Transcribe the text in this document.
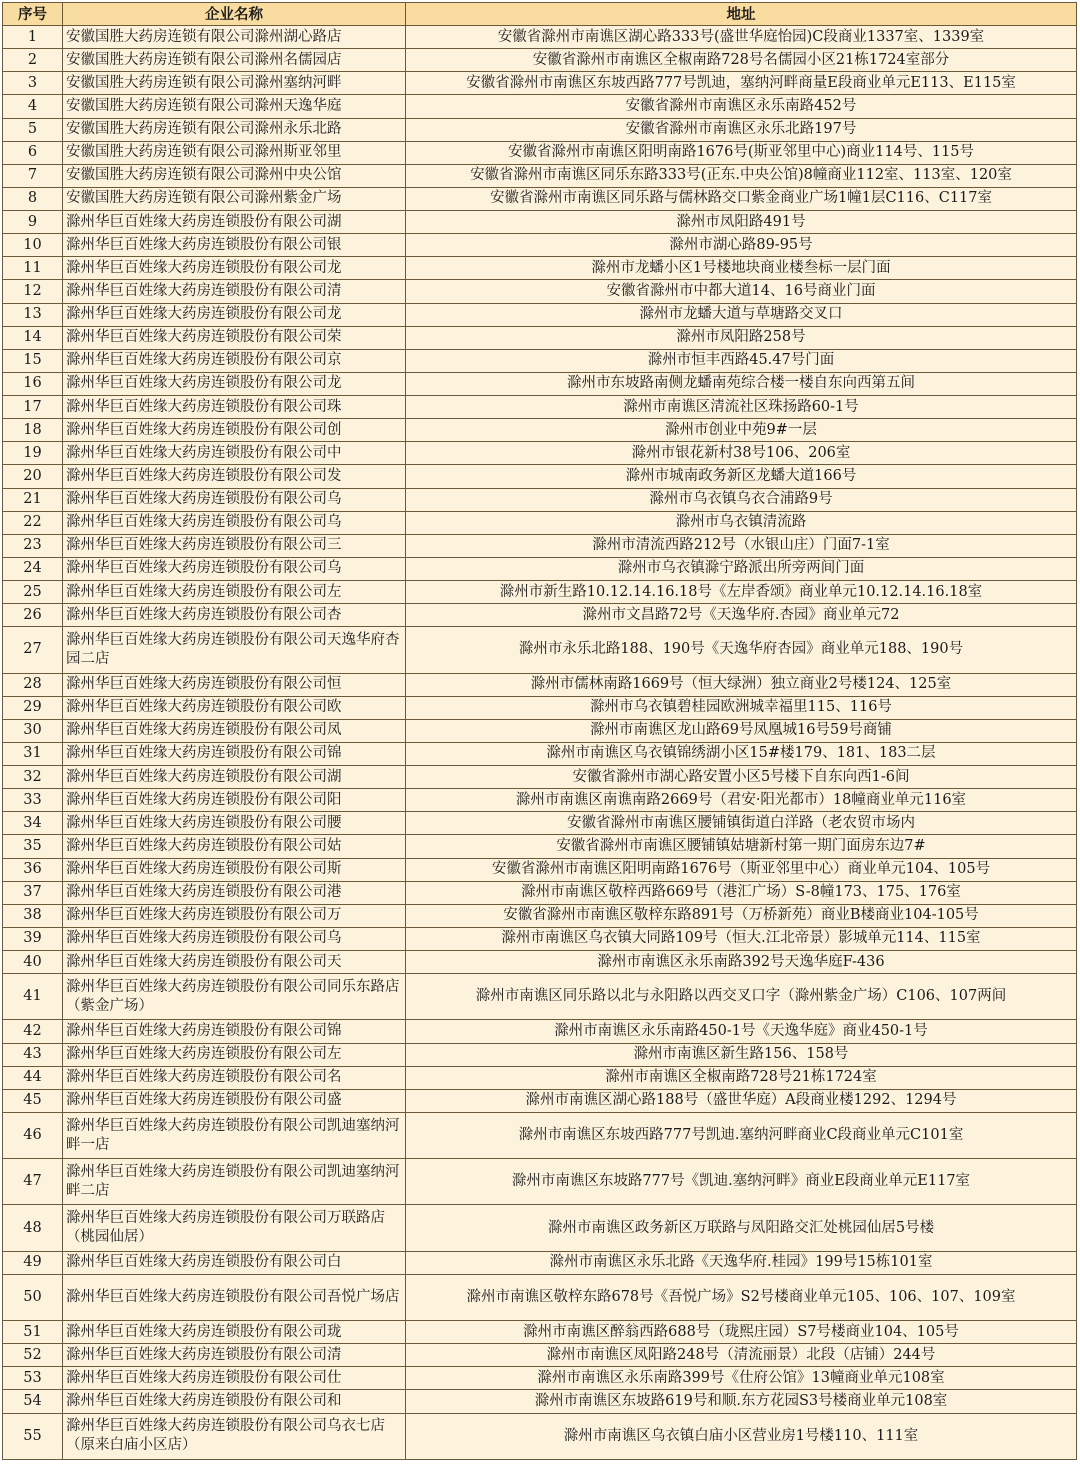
序号	企业名称	地址
1	安徽国胜大药房连锁有限公司滁州湖心路店	安徽省滁州市南谯区湖心路333号(盛世华庭怡园)C段商业1337室、1339室
2	安徽国胜大药房连锁有限公司滁州名儒园店	安徽省滁州市南谯区全椒南路728号名儒园小区21栋1724室部分
3	安徽国胜大药房连锁有限公司滁州塞纳河畔	安徽省滁州市南谯区东坡西路777号凯迪，塞纳河畔商量E段商业单元E113、E115室
4	安徽国胜大药房连锁有限公司滁州天逸华庭	安徽省滁州市南谯区永乐南路452号
5	安徽国胜大药房连锁有限公司滁州永乐北路	安徽省滁州市南谯区永乐北路197号
6	安徽国胜大药房连锁有限公司滁州斯亚邻里	安徽省滁州市南谯区阳明南路1676号(斯亚邻里中心)商业114号、115号
7	安徽国胜大药房连锁有限公司滁州中央公馆	安徽省滁州市南谯区同乐东路333号(正东.中央公馆)8幢商业112室、113室、120室
8	安徽国胜大药房连锁有限公司滁州紫金广场	安徽省滁州市南谯区同乐路与儒林路交口紫金商业广场1幢1层C116、C117室
9	滁州华巨百姓缘大药房连锁股份有限公司湖	滁州市凤阳路491号
10	滁州华巨百姓缘大药房连锁股份有限公司银	滁州市湖心路89-95号
11	滁州华巨百姓缘大药房连锁股份有限公司龙	滁州市龙蟠小区1号楼地块商业楼叁标一层门面
12	滁州华巨百姓缘大药房连锁股份有限公司清	安徽省滁州市中都大道14、16号商业门面
13	滁州华巨百姓缘大药房连锁股份有限公司龙	滁州市龙蟠大道与草塘路交叉口
14	滁州华巨百姓缘大药房连锁股份有限公司荣	滁州市凤阳路258号
15	滁州华巨百姓缘大药房连锁股份有限公司京	滁州市恒丰西路45.47号门面
16	滁州华巨百姓缘大药房连锁股份有限公司龙	滁州市东坡路南侧龙蟠南苑综合楼一楼自东向西第五间
17	滁州华巨百姓缘大药房连锁股份有限公司珠	滁州市南谯区清流社区珠扬路60-1号
18	滁州华巨百姓缘大药房连锁股份有限公司创	滁州市创业中苑9#一层
19	滁州华巨百姓缘大药房连锁股份有限公司中	滁州市银花新村38号106、206室
20	滁州华巨百姓缘大药房连锁股份有限公司发	滁州市城南政务新区龙蟠大道166号
21	滁州华巨百姓缘大药房连锁股份有限公司乌	滁州市乌衣镇乌衣合浦路9号
22	滁州华巨百姓缘大药房连锁股份有限公司乌	滁州市乌衣镇清流路
23	滁州华巨百姓缘大药房连锁股份有限公司三	滁州市清流西路212号（水银山庄）门面7-1室
24	滁州华巨百姓缘大药房连锁股份有限公司乌	滁州市乌衣镇滁宁路派出所旁两间门面
25	滁州华巨百姓缘大药房连锁股份有限公司左	滁州市新生路10.12.14.16.18号《左岸香颂》商业单元10.12.14.16.18室
26	滁州华巨百姓缘大药房连锁股份有限公司杏	滁州市文昌路72号《天逸华府.杏园》商业单元72
27	滁州华巨百姓缘大药房连锁股份有限公司天逸华府杏园二店	滁州市永乐北路188、190号《天逸华府杏园》商业单元188、190号
28	滁州华巨百姓缘大药房连锁股份有限公司恒	滁州市儒林南路1669号（恒大绿洲）独立商业2号楼124、125室
29	滁州华巨百姓缘大药房连锁股份有限公司欧	滁州市乌衣镇碧桂园欧洲城幸福里115、116号
30	滁州华巨百姓缘大药房连锁股份有限公司凤	滁州市南谯区龙山路69号凤凰城16号59号商铺
31	滁州华巨百姓缘大药房连锁股份有限公司锦	滁州市南谯区乌衣镇锦绣湖小区15#楼179、181、183二层
32	滁州华巨百姓缘大药房连锁股份有限公司湖	安徽省滁州市湖心路安置小区5号楼下自东向西1-6间
33	滁州华巨百姓缘大药房连锁股份有限公司阳	滁州市南谯区南谯南路2669号（君安·阳光都市）18幢商业单元116室
34	滁州华巨百姓缘大药房连锁股份有限公司腰	安徽省滁州市南谯区腰铺镇街道白洋路（老农贸市场内
35	滁州华巨百姓缘大药房连锁股份有限公司姑	安徽省滁州市南谯区腰铺镇姑塘新村第一期门面房东边7#
36	滁州华巨百姓缘大药房连锁股份有限公司斯	安徽省滁州市南谯区阳明南路1676号（斯亚邻里中心）商业单元104、105号
37	滁州华巨百姓缘大药房连锁股份有限公司港	滁州市南谯区敬梓西路669号（港汇广场）S-8幢173、175、176室
38	滁州华巨百姓缘大药房连锁股份有限公司万	安徽省滁州市南谯区敬梓东路891号（万桥新苑）商业B楼商业104-105号
39	滁州华巨百姓缘大药房连锁股份有限公司乌	滁州市南谯区乌衣镇大同路109号（恒大.江北帝景）影城单元114、115室
40	滁州华巨百姓缘大药房连锁股份有限公司天	滁州市南谯区永乐南路392号天逸华庭F-436
41	滁州华巨百姓缘大药房连锁股份有限公司同乐东路店（紫金广场）	滁州市南谯区同乐路以北与永阳路以西交叉口字（滁州紫金广场）C106、107两间
42	滁州华巨百姓缘大药房连锁股份有限公司锦	滁州市南谯区永乐南路450-1号《天逸华庭》商业450-1号
43	滁州华巨百姓缘大药房连锁股份有限公司左	滁州市南谯区新生路156、158号
44	滁州华巨百姓缘大药房连锁股份有限公司名	滁州市南谯区全椒南路728号21栋1724室
45	滁州华巨百姓缘大药房连锁股份有限公司盛	滁州市南谯区湖心路188号（盛世华庭）A段商业楼1292、1294号
46	滁州华巨百姓缘大药房连锁股份有限公司凯迪塞纳河畔一店	滁州市南谯区东坡西路777号凯迪.塞纳河畔商业C段商业单元C101室
47	滁州华巨百姓缘大药房连锁股份有限公司凯迪塞纳河畔二店	滁州市南谯区东坡路777号《凯迪.塞纳河畔》商业E段商业单元E117室
48	滁州华巨百姓缘大药房连锁股份有限公司万联路店（桃园仙居）	滁州市南谯区政务新区万联路与凤阳路交汇处桃园仙居5号楼
49	滁州华巨百姓缘大药房连锁股份有限公司白	滁州市南谯区永乐北路《天逸华府.桂园》199号15栋101室
50	滁州华巨百姓缘大药房连锁股份有限公司吾悦广场店	滁州市南谯区敬梓东路678号《吾悦广场》S2号楼商业单元105、106、107、109室
51	滁州华巨百姓缘大药房连锁股份有限公司珑	滁州市南谯区醉翁西路688号（珑熙庄园）S7号楼商业104、105号
52	滁州华巨百姓缘大药房连锁股份有限公司清	滁州市南谯区凤阳路248号（清流丽景）北段（店铺）244号
53	滁州华巨百姓缘大药房连锁股份有限公司仕	滁州市南谯区永乐南路399号《仕府公馆》13幢商业单元108室
54	滁州华巨百姓缘大药房连锁股份有限公司和	滁州市南谯区东坡路619号和顺.东方花园S3号楼商业单元108室
55	滁州华巨百姓缘大药房连锁股份有限公司乌衣七店（原来白庙小区店）	滁州市南谯区乌衣镇白庙小区营业房1号楼110、111室
